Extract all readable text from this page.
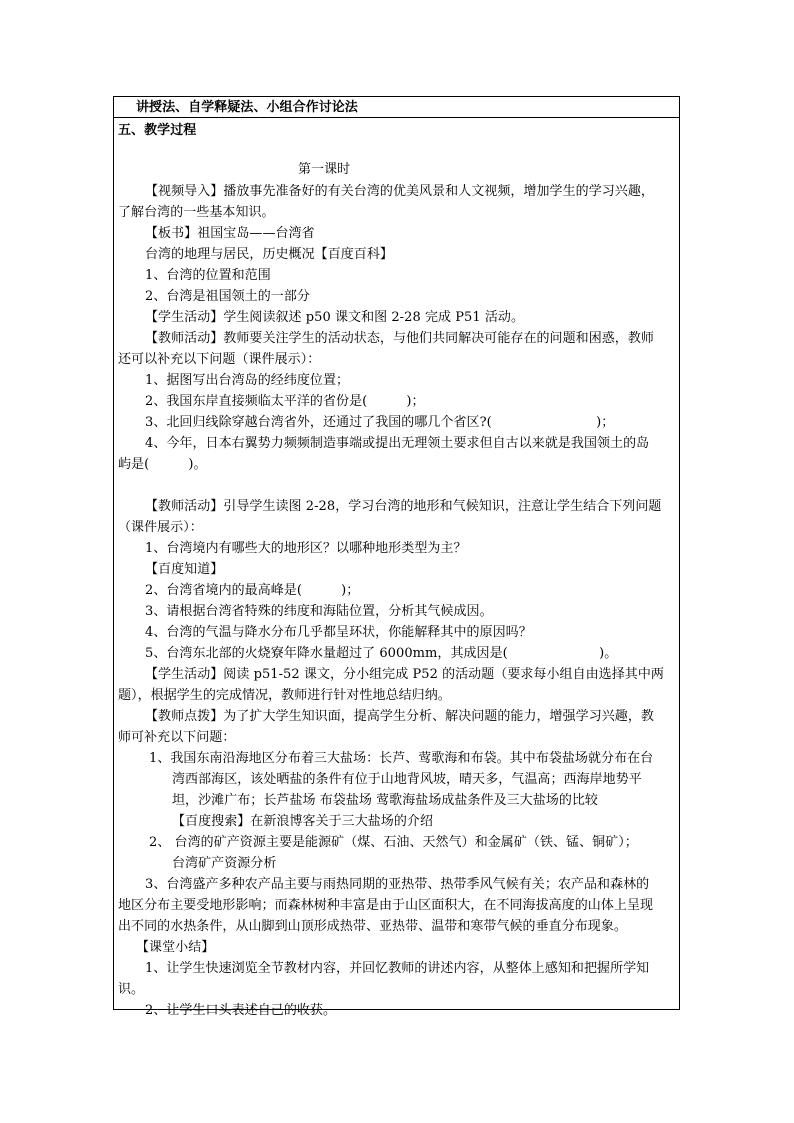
讲授法、自学释疑法、小组合作讨论法
五、教学过程
第一课时
【视频导入】播放事先准备好的有关台湾的优美风景和人文视频，增加学生的学习兴趣，
了解台湾的一些基本知识。
【板书】祖国宝岛——台湾省
台湾的地理与居民，历史概况【百度百科】
1、台湾的位置和范围
2、台湾是祖国领土的一部分
【学生活动】学生阅读叙述 p50 课文和图 2-28 完成 P51 活动。
【教师活动】教师要关注学生的活动状态，与他们共同解决可能存在的问题和困惑，教师
还可以补充以下问题（课件展示）：
1、据图写出台湾岛的经纬度位置；
2、我国东岸直接频临太平洋的省份是(　　　)；
3、北回归线除穿越台湾省外，还通过了我国的哪几个省区?(　　　　　　　　)；
4、今年，日本右翼势力频频制造事端或提出无理领土要求但自古以来就是我国领土的岛
屿是(　　　)。
【教师活动】引导学生读图 2-28，学习台湾的地形和气候知识，注意让学生结合下列问题
（课件展示）：
1、台湾境内有哪些大的地形区？以哪种地形类型为主？
【百度知道】
2、台湾省境内的最高峰是(　　　)；
3、请根据台湾省特殊的纬度和海陆位置，分析其气候成因。
4、台湾的气温与降水分布几乎都呈环状，你能解释其中的原因吗？
5、台湾东北部的火烧寮年降水量超过了 6000mm，其成因是(　　　　　　　)。
【学生活动】阅读 p51-52 课文，分小组完成 P52 的活动题（要求每小组自由选择其中两
题），根据学生的完成情况，教师进行针对性地总结归纳。
【教师点拨】为了扩大学生知识面，提高学生分析、解决问题的能力，增强学习兴趣，教
师可补充以下问题：
1、我国东南沿海地区分布着三大盐场：长芦、莺歌海和布袋。其中布袋盐场就分布在台
湾西部海区，该处晒盐的条件有位于山地背风坡，晴天多，气温高；西海岸地势平
坦，沙滩广布；长芦盐场 布袋盐场 莺歌海盐场成盐条件及三大盐场的比较
【百度搜索】在新浪博客关于三大盐场的介绍
2、 台湾的矿产资源主要是能源矿（煤、石油、天然气）和金属矿（铁、锰、铜矿）；
台湾矿产资源分析
3、台湾盛产多种农产品主要与雨热同期的亚热带、热带季风气候有关；农产品和森林的
地区分布主要受地形影响；而森林树种丰富是由于山区面积大，在不同海拔高度的山体上呈现
出不同的水热条件，从山脚到山顶形成热带、亚热带、温带和寒带气候的垂直分布现象。
【课堂小结】
1、让学生快速浏览全节教材内容，并回忆教师的讲述内容，从整体上感知和把握所学知
识。
2、让学生口头表述自己的收获。
